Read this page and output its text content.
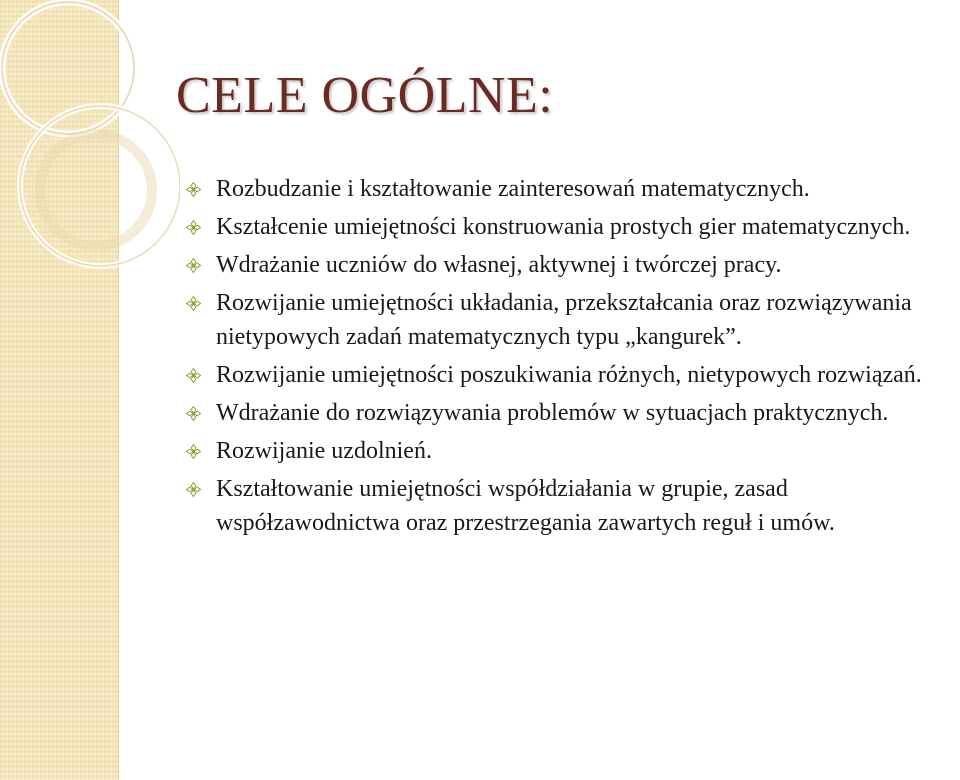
CELE OGÓLNE:
Rozbudzanie i kształtowanie zainteresowań matematycznych.
Kształcenie umiejętności konstruowania prostych gier matematycznych.
Wdrażanie uczniów do własnej, aktywnej i twórczej pracy.
Rozwijanie umiejętności układania, przekształcania oraz rozwiązywania nietypowych zadań matematycznych typu „kangurek”.
Rozwijanie umiejętności poszukiwania różnych, nietypowych rozwiązań.
Wdrażanie do rozwiązywania problemów w sytuacjach praktycznych.
Rozwijanie uzdolnień.
Kształtowanie umiejętności współdziałania w grupie, zasad współzawodnictwa oraz przestrzegania zawartych reguł i umów.
